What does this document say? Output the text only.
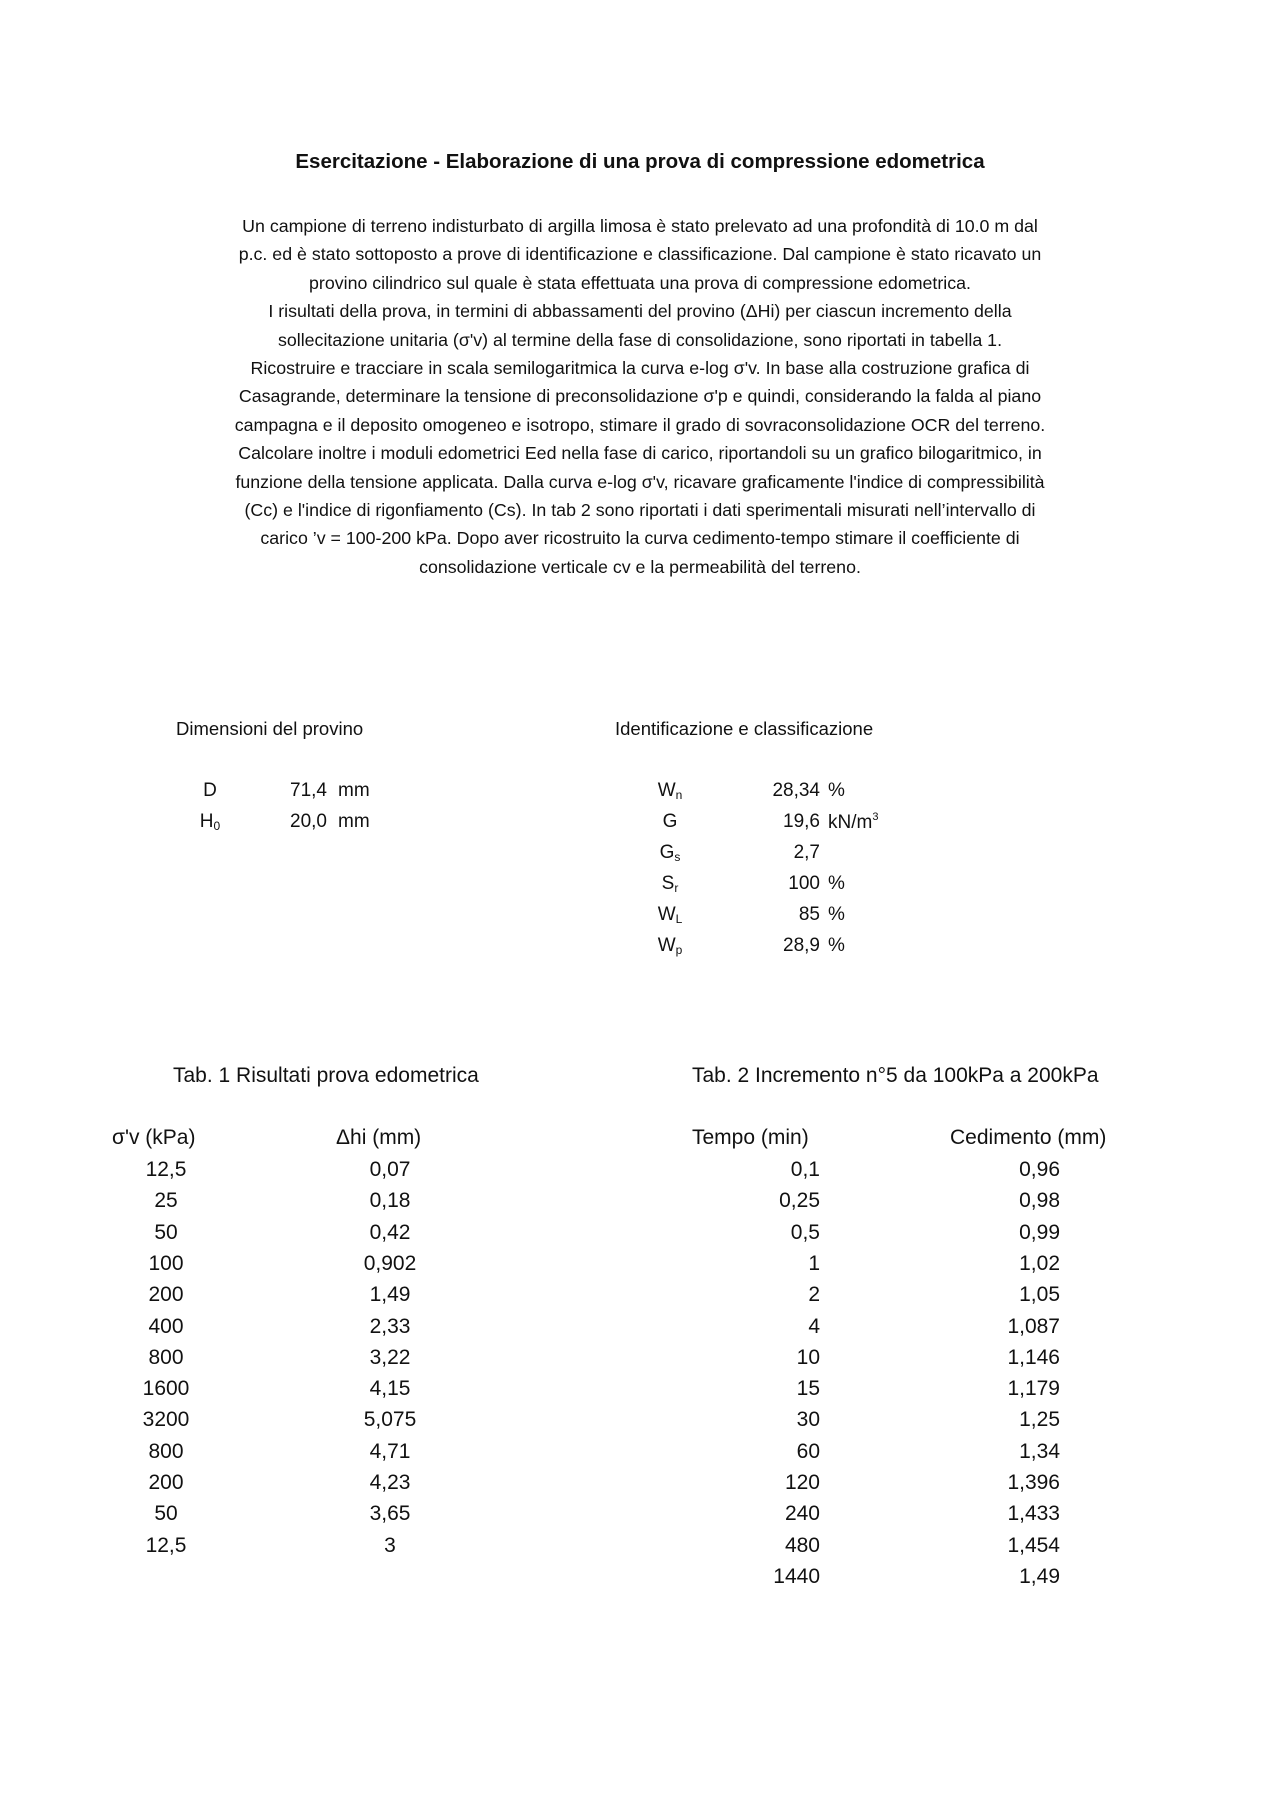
Esercitazione - Elaborazione di una prova di compressione edometrica

Un campione di terreno indisturbato di argilla limosa è stato prelevato ad una profondità di 10.0 m dal

p.c. ed è stato sottoposto a prove di identificazione e classificazione. Dal campione è stato ricavato un

provino cilindrico sul quale è stata effettuata una prova di compressione edometrica.

I risultati della prova, in termini di abbassamenti del provino (ΔHi) per ciascun incremento della

sollecitazione unitaria (σ'v) al termine della fase di consolidazione, sono riportati in tabella 1.

Ricostruire e tracciare in scala semilogaritmica la curva e-log σ'v. In base alla costruzione grafica di

Casagrande, determinare la tensione di preconsolidazione σ'p e quindi, considerando la falda al piano

campagna e il deposito omogeneo e isotropo, stimare il grado di sovraconsolidazione OCR del terreno.

Calcolare inoltre i moduli edometrici Eed nella fase di carico, riportandoli su un grafico bilogaritmico, in

funzione della tensione applicata. Dalla curva e-log σ'v, ricavare graficamente l'indice di compressibilità

(Cc) e l'indice di rigonfiamento (Cs). In tab 2 sono riportati i dati sperimentali misurati nell’intervallo di

carico ’v = 100-200 kPa. Dopo aver ricostruito la curva cedimento-tempo stimare il coefficiente di

consolidazione verticale cv e la permeabilità del terreno.

Dimensioni del provino
D	71,4 mm
$H_0$	20,0 mm
Identificazione e classificazione
$W_n$	28,34 %
G	19,6 $kN/m^3$
$G_s$	2,7
$S_r$	100 %
$W_L$	85 %
$W_p$	28,9 %
Tab. 1 Risultati prova edometrica	Tab. 2 Incremento n°5 da 100kPa a 200kPa
σ'v (kPa)	Δhi (mm)
12,5	0,07
25	0,18
50	0,42
100	0,902
200	1,49
400	2,33
800	3,22
1600	4,15
3200	5,075
800	4,71
200	4,23
50	3,65
12,5	3
Tempo (min)	Cedimento (mm)
0,1	0,96
0,25	0,98
0,5	0,99
1	1,02
2	1,05
4	1,087
10	1,146
15	1,179
30	1,25
60	1,34
120	1,396
240	1,433
480	1,454
1440	1,49
